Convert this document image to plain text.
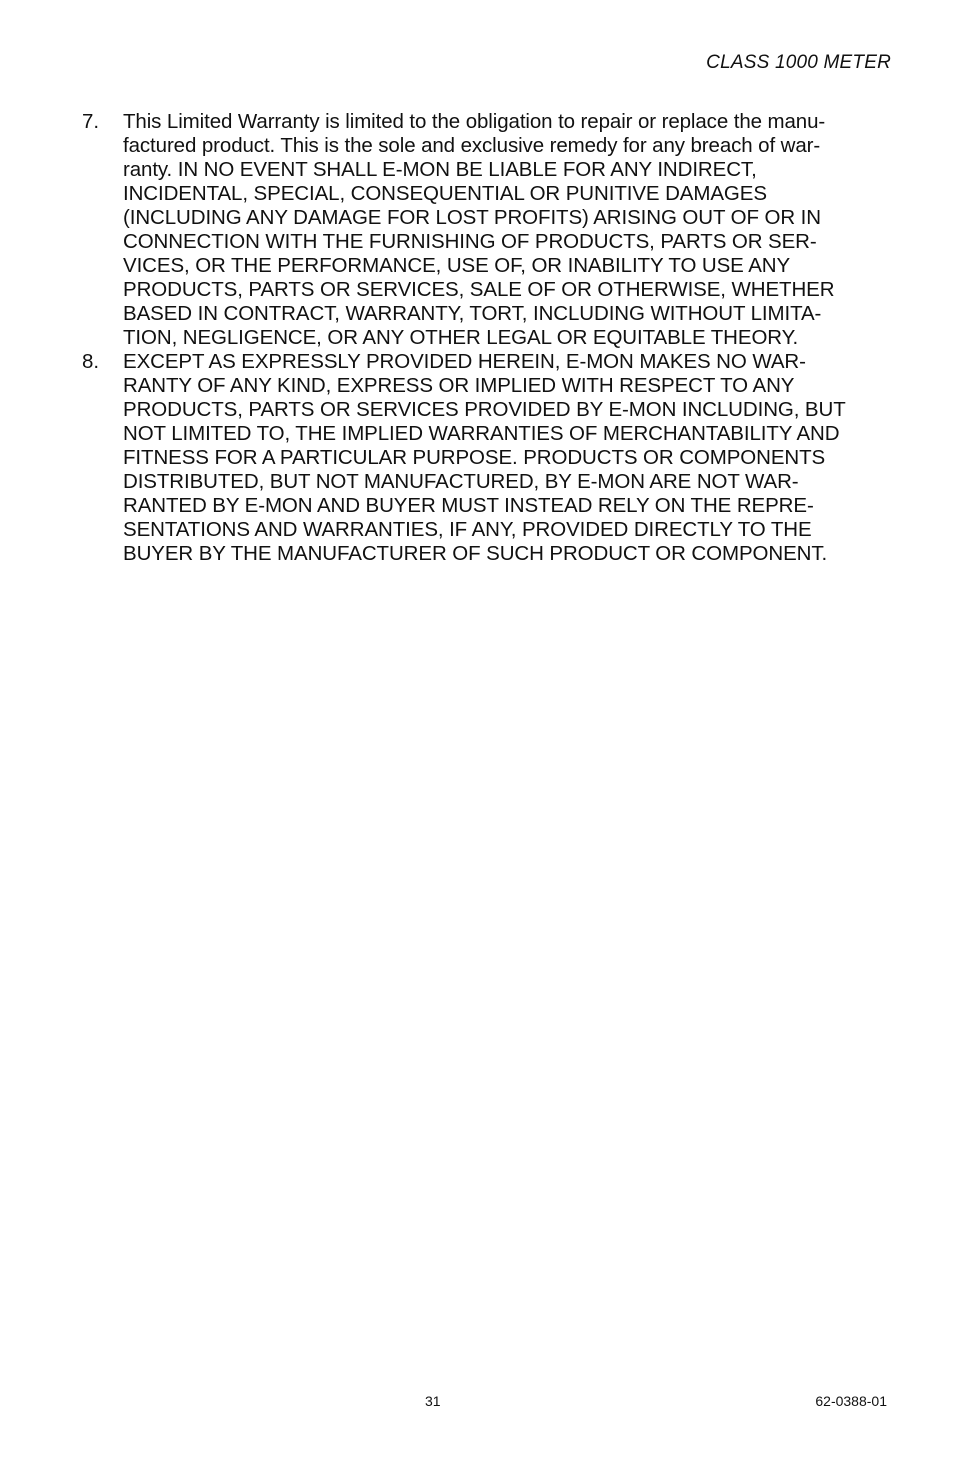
CLASS 1000 METER
7.	This Limited Warranty is limited to the obligation to repair or replace the manu-
factured product. This is the sole and exclusive remedy for any breach of war-
ranty. IN NO EVENT SHALL E-MON BE LIABLE FOR ANY INDIRECT,
INCIDENTAL, SPECIAL, CONSEQUENTIAL OR PUNITIVE DAMAGES
(INCLUDING ANY DAMAGE FOR LOST PROFITS) ARISING OUT OF OR IN
CONNECTION WITH THE FURNISHING OF PRODUCTS, PARTS OR SER-
VICES, OR THE PERFORMANCE, USE OF, OR INABILITY TO USE ANY
PRODUCTS, PARTS OR SERVICES, SALE OF OR OTHERWISE, WHETHER
BASED IN CONTRACT, WARRANTY, TORT, INCLUDING WITHOUT LIMITA-
TION, NEGLIGENCE, OR ANY OTHER LEGAL OR EQUITABLE THEORY.
8.	EXCEPT AS EXPRESSLY PROVIDED HEREIN, E-MON MAKES NO WAR-
RANTY OF ANY KIND, EXPRESS OR IMPLIED WITH RESPECT TO ANY
PRODUCTS, PARTS OR SERVICES PROVIDED BY E-MON INCLUDING, BUT
NOT LIMITED TO, THE IMPLIED WARRANTIES OF MERCHANTABILITY AND
FITNESS FOR A PARTICULAR PURPOSE. PRODUCTS OR COMPONENTS
DISTRIBUTED, BUT NOT MANUFACTURED, BY E-MON ARE NOT WAR-
RANTED BY E-MON AND BUYER MUST INSTEAD RELY ON THE REPRE-
SENTATIONS AND WARRANTIES, IF ANY, PROVIDED DIRECTLY TO THE
BUYER BY THE MANUFACTURER OF SUCH PRODUCT OR COMPONENT.
31	62-0388-01
